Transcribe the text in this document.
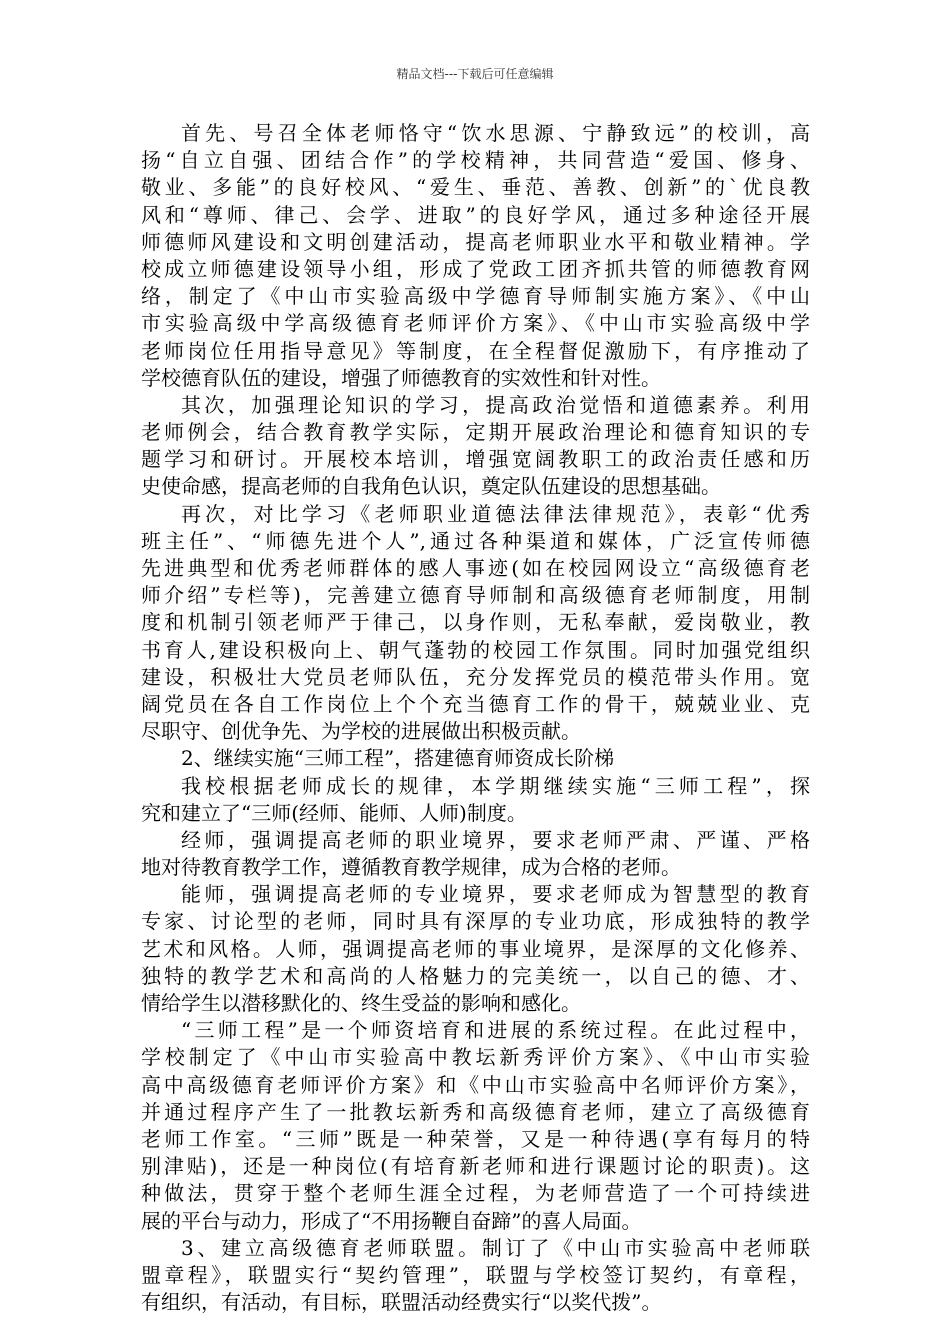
精品文档---下载后可任意编辑
首先、号召全体老师恪守“饮水思源、宁静致远”的校训，高
扬“自立自强、团结合作”的学校精神，共同营造“爱国、修身、
敬业、多能”的良好校风、“爱生、垂范、善教、创新”的`优良教
风和“尊师、律己、会学、进取”的良好学风，通过多种途径开展
师德师风建设和文明创建活动，提高老师职业水平和敬业精神。学
校成立师德建设领导小组，形成了党政工团齐抓共管的师德教育网
络，制定了《中山市实验高级中学德育导师制实施方案》、《中山
市实验高级中学高级德育老师评价方案》、《中山市实验高级中学
老师岗位任用指导意见》等制度，在全程督促激励下，有序推动了
学校德育队伍的建设，增强了师德教育的实效性和针对性。
其次，加强理论知识的学习，提高政治觉悟和道德素养。利用
老师例会，结合教育教学实际，定期开展政治理论和德育知识的专
题学习和研讨。开展校本培训，增强宽阔教职工的政治责任感和历
史使命感，提高老师的自我角色认识，奠定队伍建设的思想基础。
再次，对比学习《老师职业道德法律法律规范》，表彰“优秀
班主任”、“师德先进个人”,通过各种渠道和媒体，广泛宣传师德
先进典型和优秀老师群体的感人事迹(如在校园网设立“高级德育老
师介绍”专栏等)，完善建立德育导师制和高级德育老师制度，用制
度和机制引领老师严于律己，以身作则，无私奉献，爱岗敬业，教
书育人,建设积极向上、朝气蓬勃的校园工作氛围。同时加强党组织
建设，积极壮大党员老师队伍，充分发挥党员的模范带头作用。宽
阔党员在各自工作岗位上个个充当德育工作的骨干，兢兢业业、克
尽职守、创优争先、为学校的进展做出积极贡献。
2、继续实施“三师工程”，搭建德育师资成长阶梯
我校根据老师成长的规律，本学期继续实施“三师工程”，探
究和建立了“三师(经师、能师、人师)制度。
经师，强调提高老师的职业境界，要求老师严肃、严谨、严格
地对待教育教学工作，遵循教育教学规律，成为合格的老师。
能师，强调提高老师的专业境界，要求老师成为智慧型的教育
专家、讨论型的老师，同时具有深厚的专业功底，形成独特的教学
艺术和风格。人师，强调提高老师的事业境界，是深厚的文化修养、
独特的教学艺术和高尚的人格魅力的完美统一，以自己的德、才、
情给学生以潜移默化的、终生受益的影响和感化。
“三师工程”是一个师资培育和进展的系统过程。在此过程中，
学校制定了《中山市实验高中教坛新秀评价方案》、《中山市实验
高中高级德育老师评价方案》和《中山市实验高中名师评价方案》，
并通过程序产生了一批教坛新秀和高级德育老师，建立了高级德育
老师工作室。“三师”既是一种荣誉，又是一种待遇(享有每月的特
别津贴)，还是一种岗位(有培育新老师和进行课题讨论的职责)。这
种做法，贯穿于整个老师生涯全过程，为老师营造了一个可持续进
展的平台与动力，形成了“不用扬鞭自奋蹄”的喜人局面。
3、建立高级德育老师联盟。制订了《中山市实验高中老师联
盟章程》，联盟实行“契约管理”，联盟与学校签订契约，有章程，
有组织，有活动，有目标，联盟活动经费实行“以奖代拨”。
